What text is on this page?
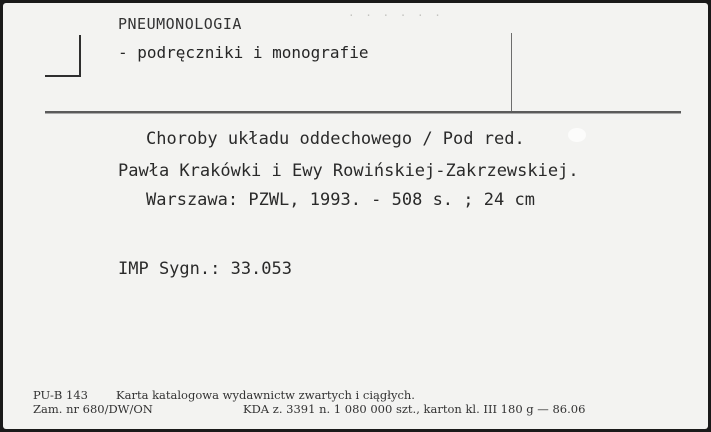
· · · · · ·
PNEUMONOLOGIA
- podręczniki i monografie
Choroby układu oddechowego / Pod red.
Pawła Krakówki i Ewy Rowińskiej-Zakrzewskiej.
Warszawa: PZWL, 1993. - 508 s. ; 24 cm
IMP Sygn.: 33.053
PU-B 143 Karta katalogowa wydawnictw zwartych i ciągłych.
Zam. nr 680/DW/ON	KDA z. 3391 n. 1 080 000 szt., karton kl. III 180 g — 86.06
